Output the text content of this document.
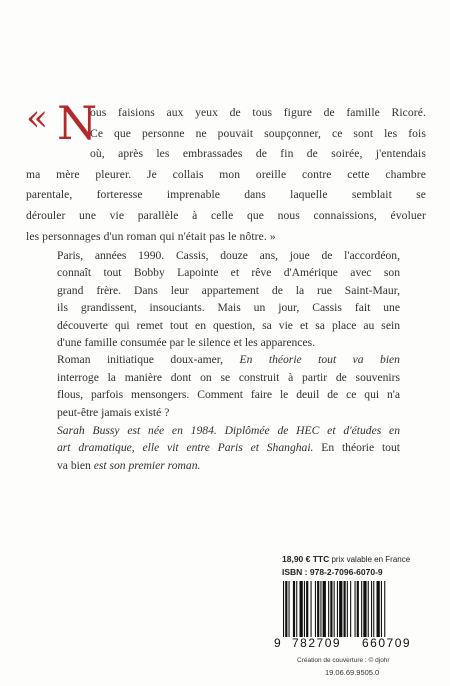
« N
ous faisions aux yeux de tous figure de famille Ricoré.
Ce que personne ne pouvait soupçonner, ce sont les fois
où, après les embrassades de fin de soirée, j'entendais
ma mère pleurer. Je collais mon oreille contre cette chambre
parentale, forteresse imprenable dans laquelle semblait se
dérouler une vie parallèle à celle que nous connaissions, évoluer
les personnages d'un roman qui n'était pas le nôtre. »
Paris, années 1990. Cassis, douze ans, joue de l'accordéon,
connaît tout Bobby Lapointe et rêve d'Amérique avec son
grand frère. Dans leur appartement de la rue Saint-Maur,
ils grandissent, insouciants. Mais un jour, Cassis fait une
découverte qui remet tout en question, sa vie et sa place au sein
d'une famille consumée par le silence et les apparences.
Roman initiatique doux-amer, En théorie tout va bien
interroge la manière dont on se construit à partir de souvenirs
flous, parfois mensongers. Comment faire le deuil de ce qui n'a
peut-être jamais existé ?
Sarah Bussy est née en 1984. Diplômée de HEC et d'études en
art dramatique, elle vit entre Paris et Shanghai. En théorie tout
va bien est son premier roman.
18,90 € TTC prix valable en France
ISBN : 978-2-7096-6070-9
9 782709 660709
Création de couverture : © djohr
19.06.69.9505.0
